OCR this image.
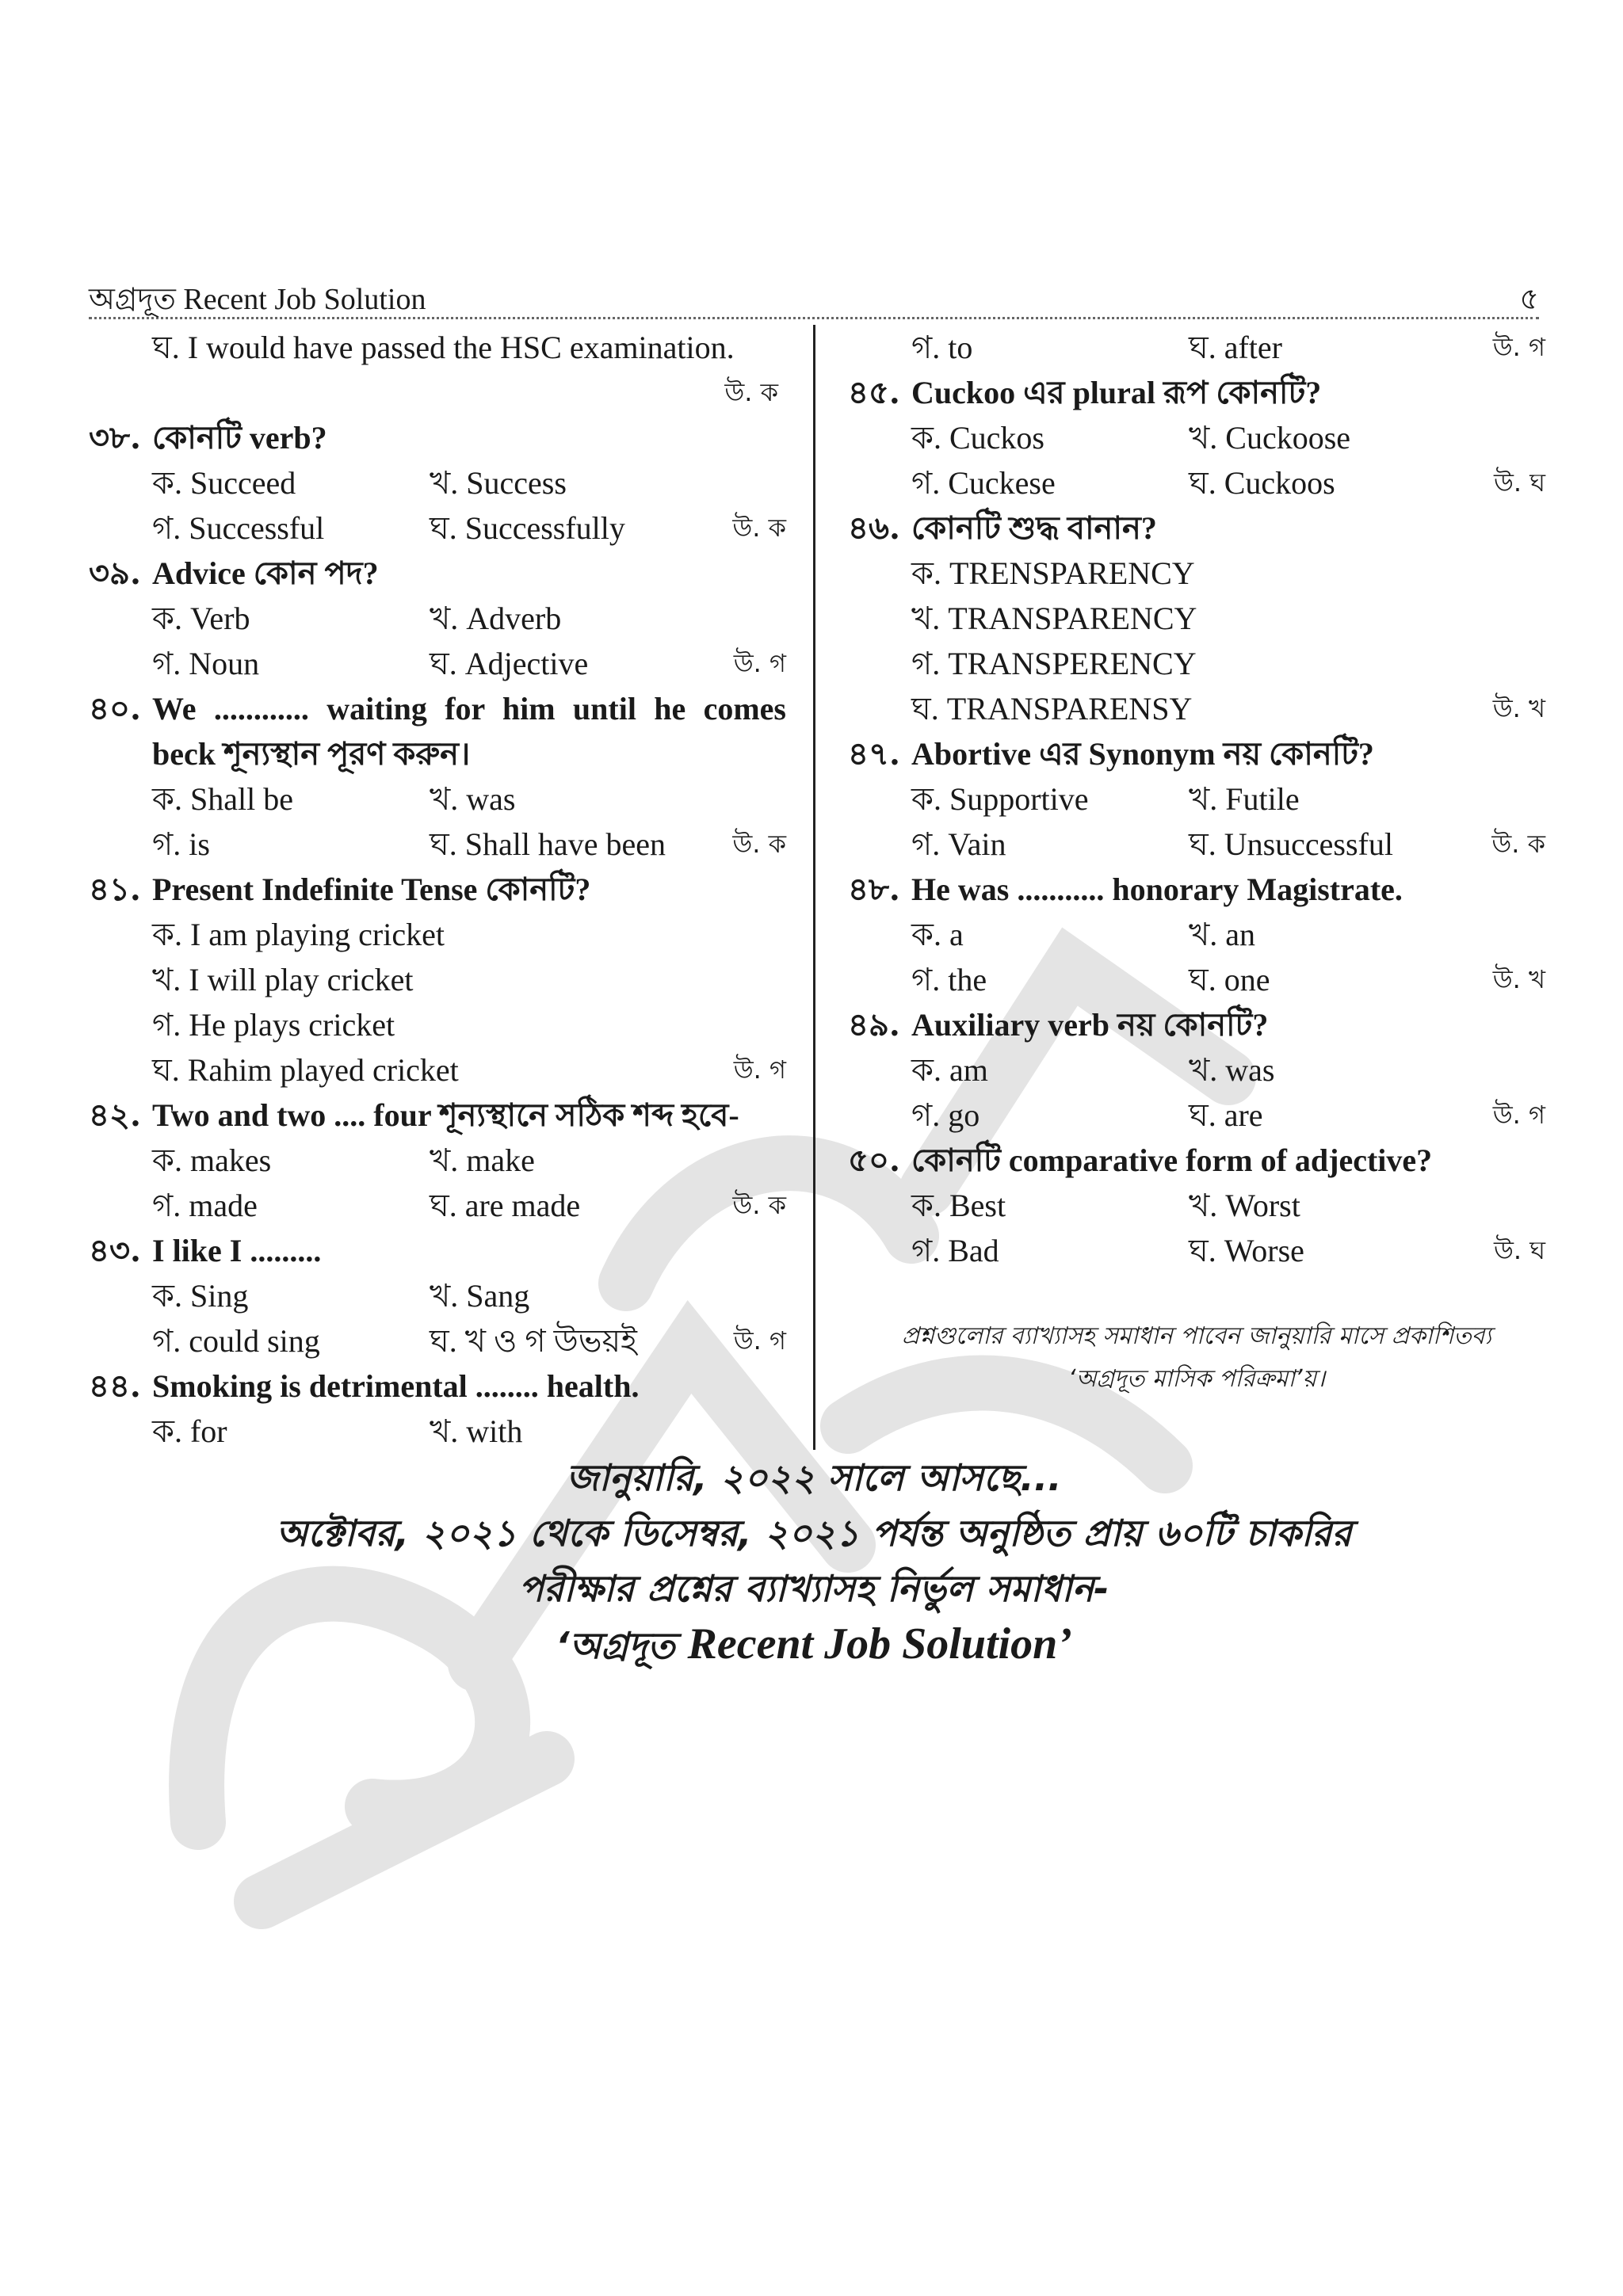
অগ্রদূত Recent Job Solution	৫
ঘ. I would have passed the HSC examination.
উ. ক
৩৮. কোনটি verb?
ক. Succeed	খ. Success
গ. Successful	ঘ. Successfully	উ. ক
৩৯. Advice কোন পদ?
ক. Verb	খ. Adverb
গ. Noun	ঘ. Adjective	উ. গ
৪০. We ............ waiting for him until he comes beck শূন্যস্থান পূরণ করুন।
ক. Shall be	খ. was
গ. is	ঘ. Shall have been	উ. ক
৪১. Present Indefinite Tense কোনটি?
ক. I am playing cricket
খ. I will play cricket
গ. He plays cricket
ঘ. Rahim played cricket	উ. গ
৪২. Two and two .... four শূন্যস্থানে সঠিক শব্দ হবে-
ক. makes	খ. make
গ. made	ঘ. are made	উ. ক
৪৩. I like I .........
ক. Sing	খ. Sang
গ. could sing	ঘ. খ ও গ উভয়ই	উ. গ
৪৪. Smoking is detrimental ........ health.
ক. for	খ. with
গ. to	ঘ. after	উ. গ
৪৫. Cuckoo এর plural রূপ কোনটি?
ক. Cuckos	খ. Cuckoose
গ. Cuckese	ঘ. Cuckoos	উ. ঘ
৪৬. কোনটি শুদ্ধ বানান?
ক. TRENSPARENCY
খ. TRANSPARENCY
গ. TRANSPERENCY
ঘ. TRANSPARENSY	উ. খ
৪৭. Abortive এর Synonym নয় কোনটি?
ক. Supportive	খ. Futile
গ. Vain	ঘ. Unsuccessful	উ. ক
৪৮. He was ........... honorary Magistrate.
ক. a	খ. an
গ. the	ঘ. one	উ. খ
৪৯. Auxiliary verb নয় কোনটি?
ক. am	খ. was
গ. go	ঘ. are	উ. গ
৫০. কোনটি comparative form of adjective?
ক. Best	খ. Worst
গ. Bad	ঘ. Worse	উ. ঘ
প্রশ্নগুলোর ব্যাখ্যাসহ সমাধান পাবেন জানুয়ারি মাসে প্রকাশিতব্য
‘অগ্রদূত মাসিক পরিক্রমা’য়।
জানুয়ারি, ২০২২ সালে আসছে...
অক্টোবর, ২০২১ থেকে ডিসেম্বর, ২০২১ পর্যন্ত অনুষ্ঠিত প্রায় ৬০টি চাকরির
পরীক্ষার প্রশ্নের ব্যাখ্যাসহ নির্ভুল সমাধান-
‘অগ্রদূত Recent Job Solution’
